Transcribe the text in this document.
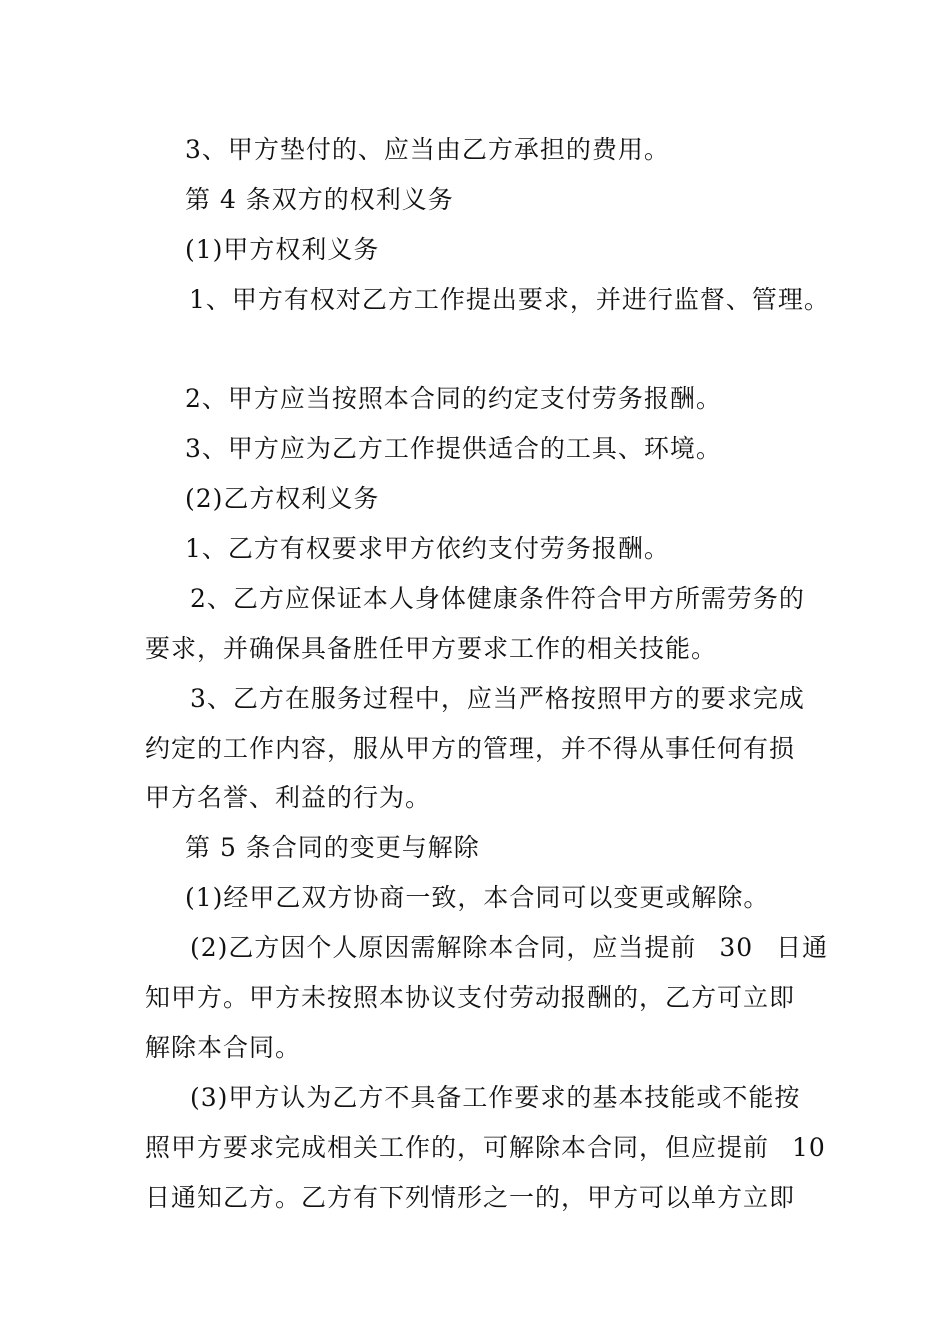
3、甲方垫付的、应当由乙方承担的费用。
第 4 条双方的权利义务
(1)甲方权利义务
1、甲方有权对乙方工作提出要求，并进行监督、管理。
2、甲方应当按照本合同的约定支付劳务报酬。
3、甲方应为乙方工作提供适合的工具、环境。
(2)乙方权利义务
1、乙方有权要求甲方依约支付劳务报酬。
2、乙方应保证本人身体健康条件符合甲方所需劳务的
要求，并确保具备胜任甲方要求工作的相关技能。
3、乙方在服务过程中，应当严格按照甲方的要求完成
约定的工作内容，服从甲方的管理，并不得从事任何有损
甲方名誉、利益的行为。
第 5 条合同的变更与解除
(1)经甲乙双方协商一致，本合同可以变更或解除。
(2)乙方因个人原因需解除本合同，应当提前 30 日通
知甲方。甲方未按照本协议支付劳动报酬的，乙方可立即
解除本合同。
(3)甲方认为乙方不具备工作要求的基本技能或不能按
照甲方要求完成相关工作的，可解除本合同，但应提前 10
日通知乙方。乙方有下列情形之一的，甲方可以单方立即
